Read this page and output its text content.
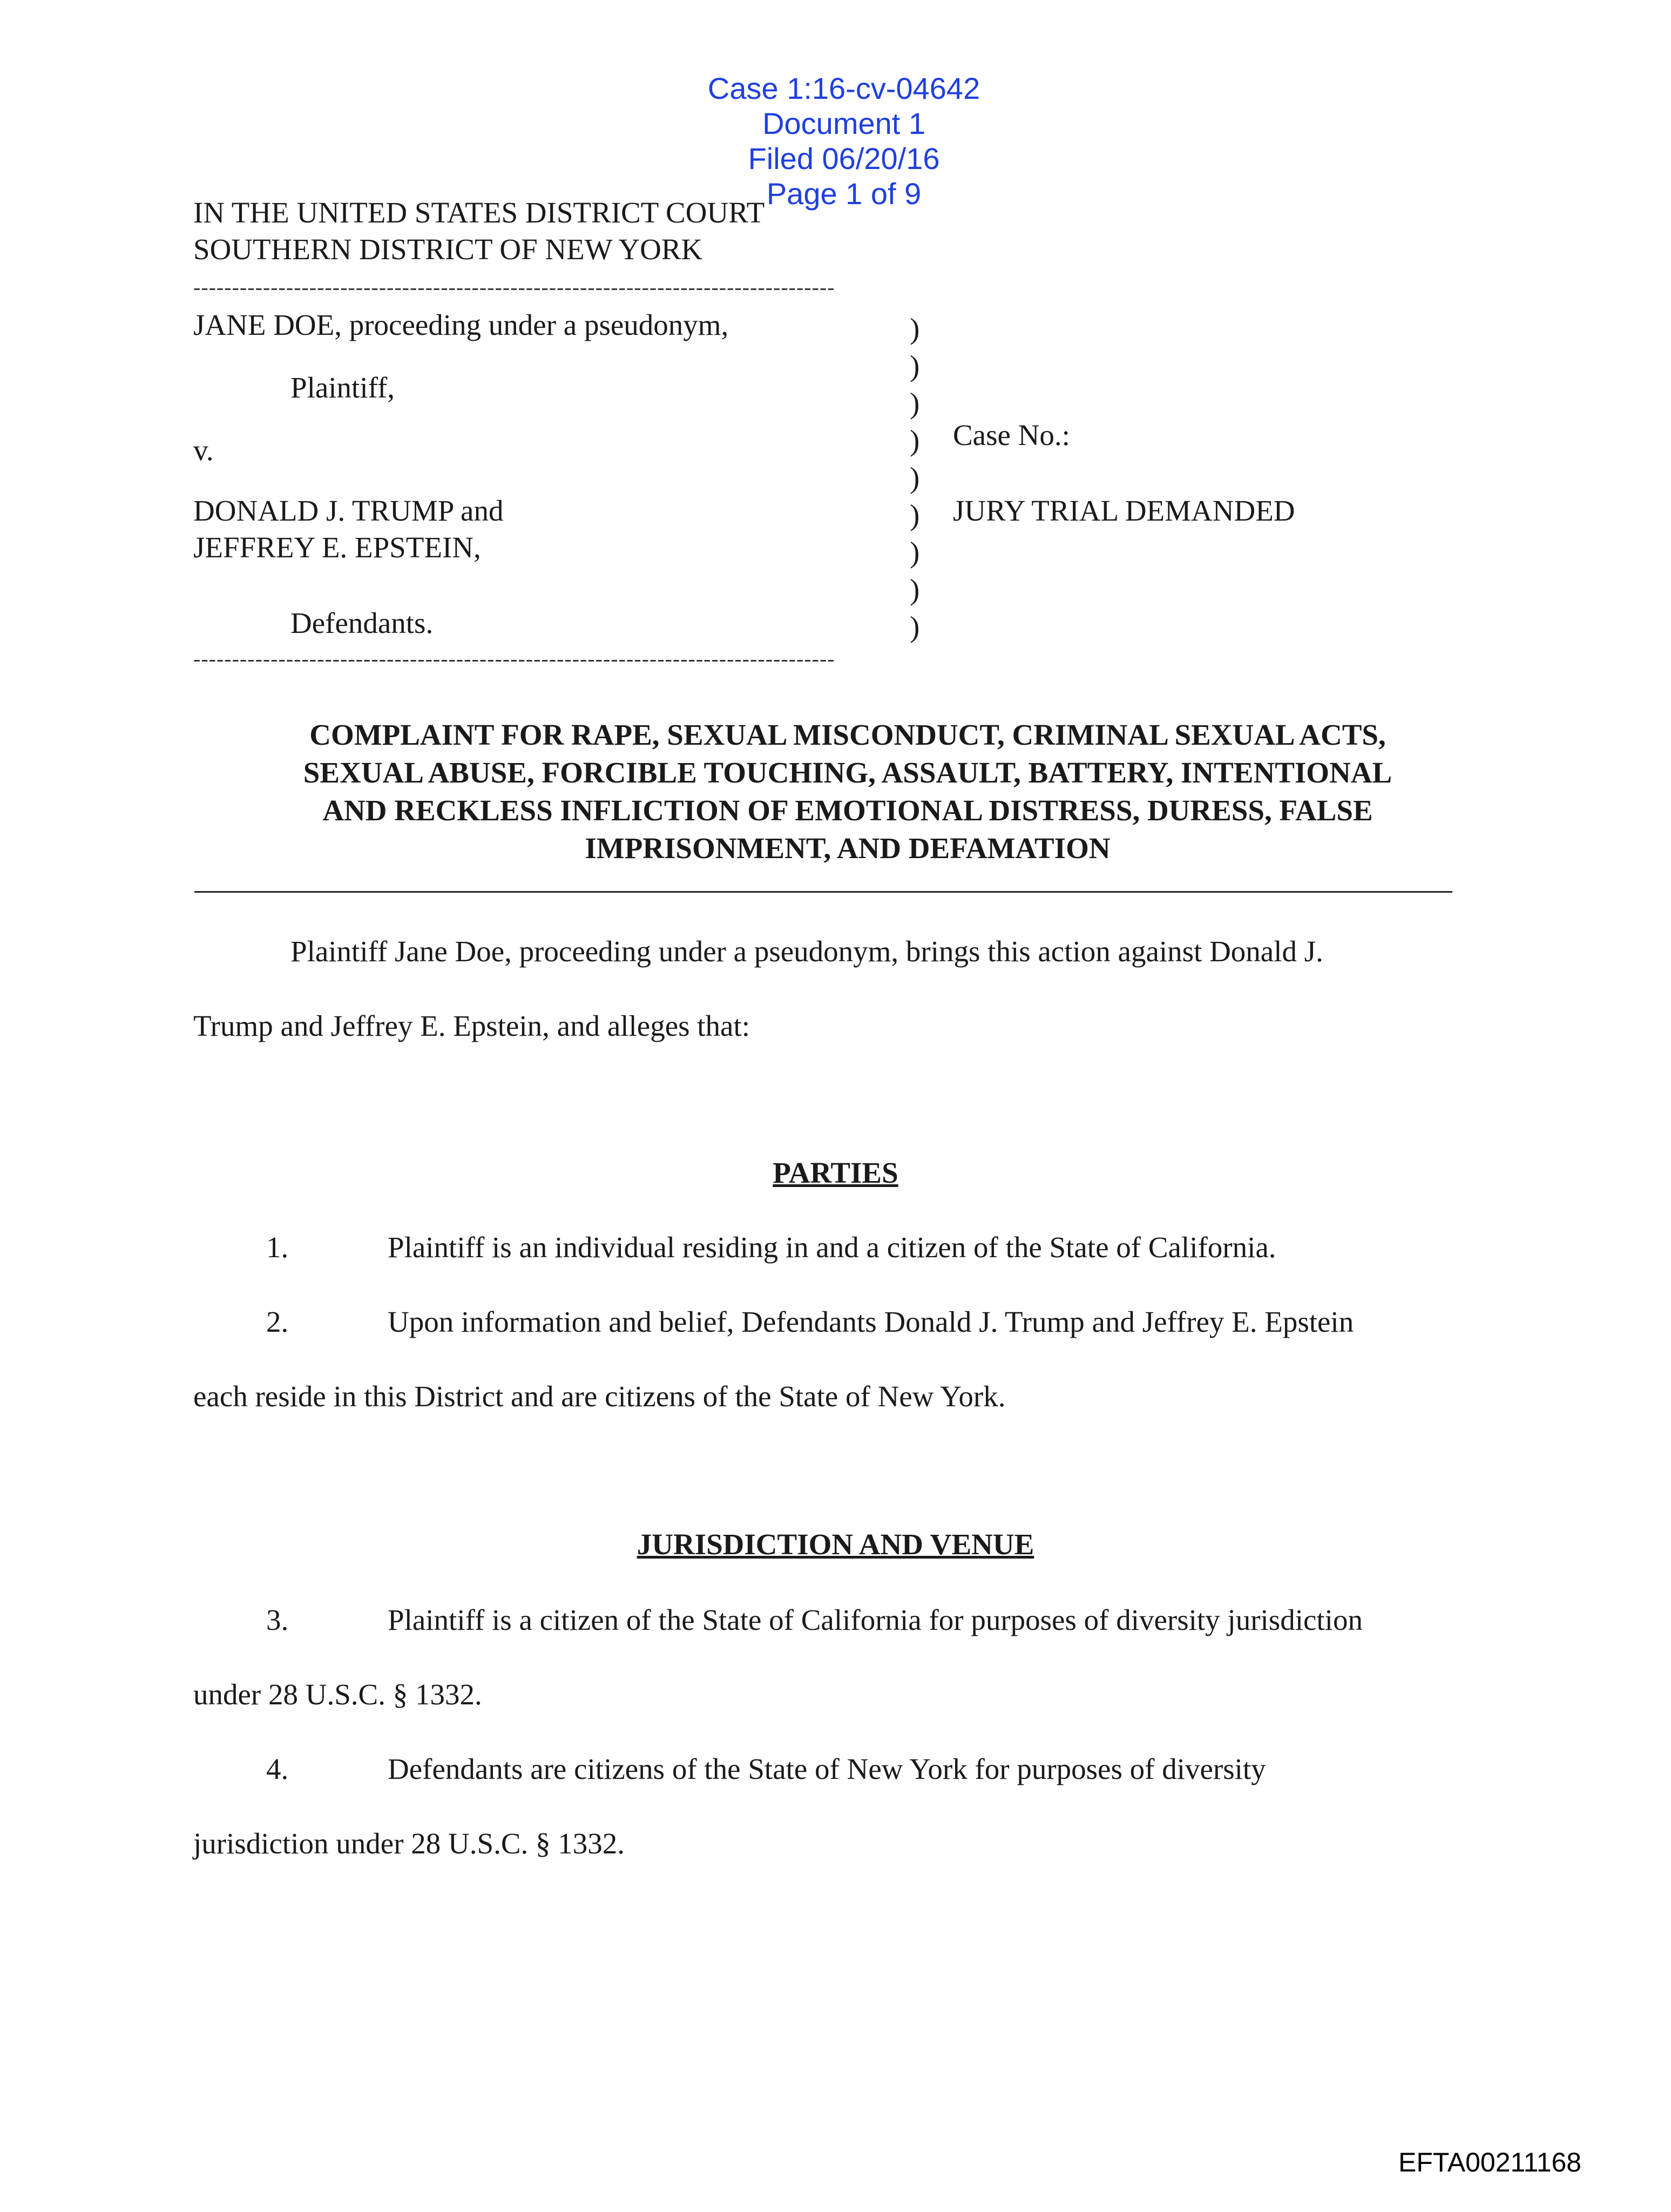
Case 1:16-cv-04642
Document 1
Filed 06/20/16
Page 1 of 9

IN THE UNITED STATES DISTRICT COURT
SOUTHERN DISTRICT OF NEW YORK
-----------------------------------------------------------------------------------
JANE DOE, proceeding under a pseudonym,
Plaintiff,
v.
DONALD J. TRUMP and
JEFFREY E. EPSTEIN,
Defendants.
)
)
)
)
)
)
)
)
)
Case No.:
JURY TRIAL DEMANDED
-----------------------------------------------------------------------------------
COMPLAINT FOR RAPE, SEXUAL MISCONDUCT, CRIMINAL SEXUAL ACTS,
SEXUAL ABUSE, FORCIBLE TOUCHING, ASSAULT, BATTERY, INTENTIONAL
AND RECKLESS INFLICTION OF EMOTIONAL DISTRESS, DURESS, FALSE
IMPRISONMENT, AND DEFAMATION
Plaintiff Jane Doe, proceeding under a pseudonym, brings this action against Donald J.
Trump and Jeffrey E. Epstein, and alleges that:
PARTIES
1.	Plaintiff is an individual residing in and a citizen of the State of California.
2.	Upon information and belief, Defendants Donald J. Trump and Jeffrey E. Epstein
each reside in this District and are citizens of the State of New York.
JURISDICTION AND VENUE
3.	Plaintiff is a citizen of the State of California for purposes of diversity jurisdiction
under 28 U.S.C. § 1332.
4.	Defendants are citizens of the State of New York for purposes of diversity
jurisdiction under 28 U.S.C. § 1332.
EFTA00211168
